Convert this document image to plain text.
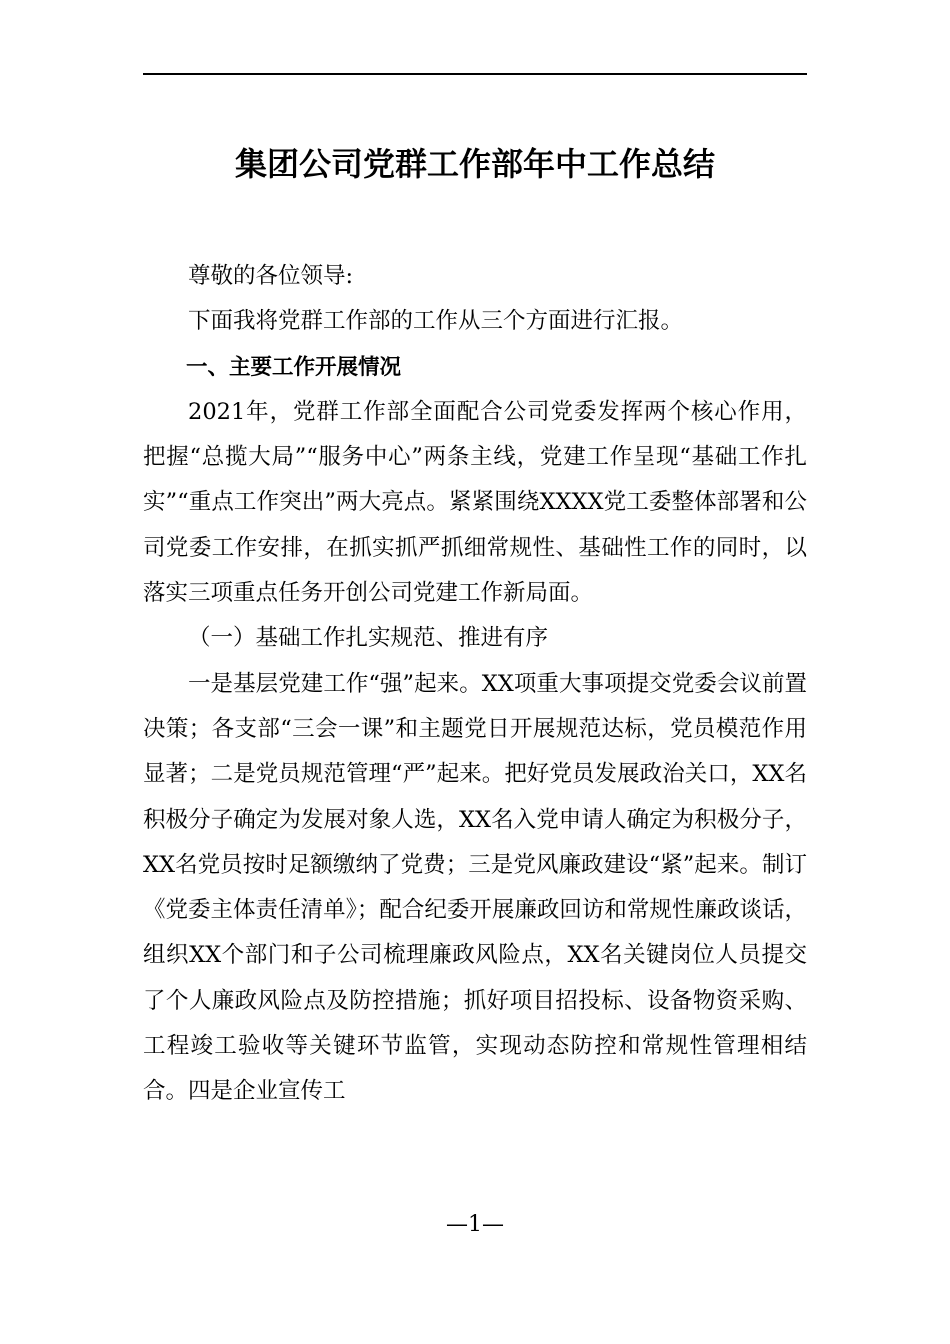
集团公司党群工作部年中工作总结

尊敬的各位领导:

下面我将党群工作部的工作从三个方面进行汇报。

一、主要工作开展情况

2021年，党群工作部全面配合公司党委发挥两个核心作用，把握“总揽大局”“服务中心”两条主线，党建工作呈现“基础工作扎实”“重点工作突出”两大亮点。紧紧围绕XXXX党工委整体部署和公司党委工作安排，在抓实抓严抓细常规性、基础性工作的同时，以落实三项重点任务开创公司党建工作新局面。

（一）基础工作扎实规范、推进有序

一是基层党建工作“强”起来。XX项重大事项提交党委会议前置决策；各支部“三会一课”和主题党日开展规范达标，党员模范作用显著；二是党员规范管理“严”起来。把好党员发展政治关口，XX名积极分子确定为发展对象人选，XX名入党申请人确定为积极分子，XX名党员按时足额缴纳了党费；三是党风廉政建设“紧”起来。制订《党委主体责任清单》；配合纪委开展廉政回访和常规性廉政谈话，组织XX个部门和子公司梳理廉政风险点，XX名关键岗位人员提交了个人廉政风险点及防控措施；抓好项目招投标、设备物资采购、工程竣工验收等关键环节监管，实现动态防控和常规性管理相结合。四是企业宣传工

—1—
